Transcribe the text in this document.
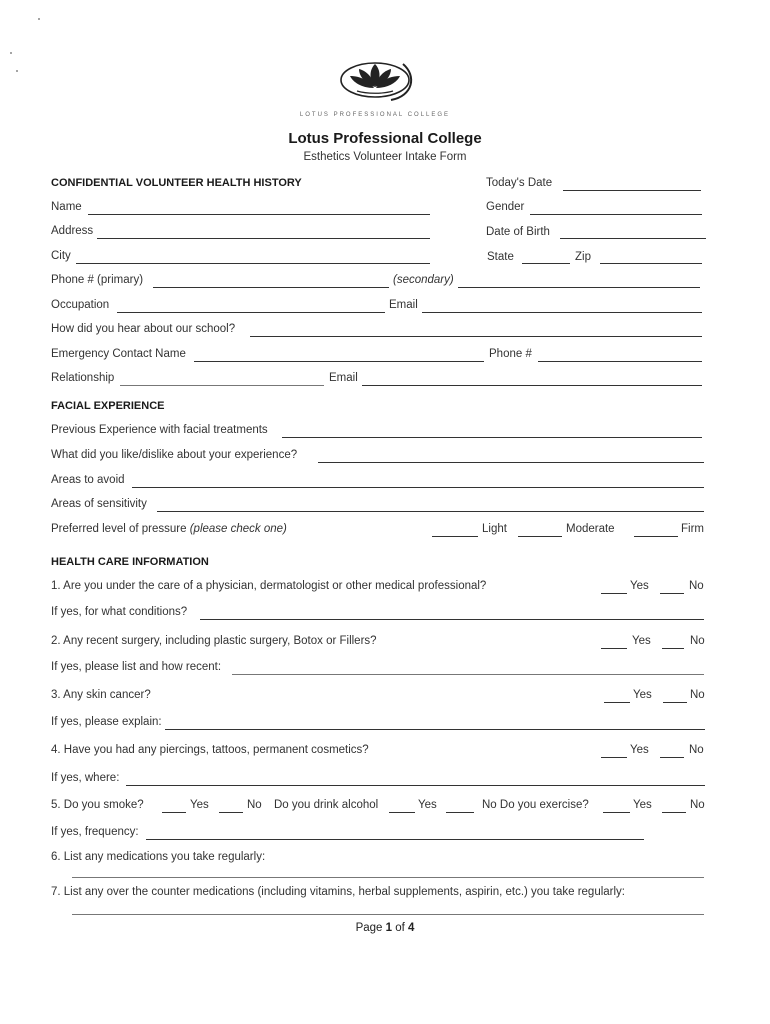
LOTUS PROFESSIONAL COLLEGE
Lotus Professional College
Esthetics Volunteer Intake Form
CONFIDENTIAL VOLUNTEER HEALTH HISTORY	Today's Date
Name	Gender
Address	Date of Birth
City	State	Zip
Phone # (primary)	(secondary)
Occupation	Email
How did you hear about our school?
Emergency Contact Name	Phone #
Relationship	Email
FACIAL EXPERIENCE
Previous Experience with facial treatments
What did you like/dislike about your experience?
Areas to avoid
Areas of sensitivity
Preferred level of pressure (please check one)	Light	Moderate	Firm
HEALTH CARE INFORMATION
1. Are you under the care of a physician, dermatologist or other medical professional?	Yes	No
If yes, for what conditions?
2. Any recent surgery, including plastic surgery, Botox or Fillers?	Yes	No
If yes, please list and how recent:
3. Any skin cancer?	Yes	No
If yes, please explain:
4. Have you had any piercings, tattoos, permanent cosmetics?	Yes	No
If yes, where:
5. Do you smoke?	Yes	No Do you drink alcohol	Yes	No Do you exercise?	Yes	No
If yes, frequency:
6. List any medications you take regularly:
7. List any over the counter medications (including vitamins, herbal supplements, aspirin, etc.) you take regularly:
Page 1 of 4
